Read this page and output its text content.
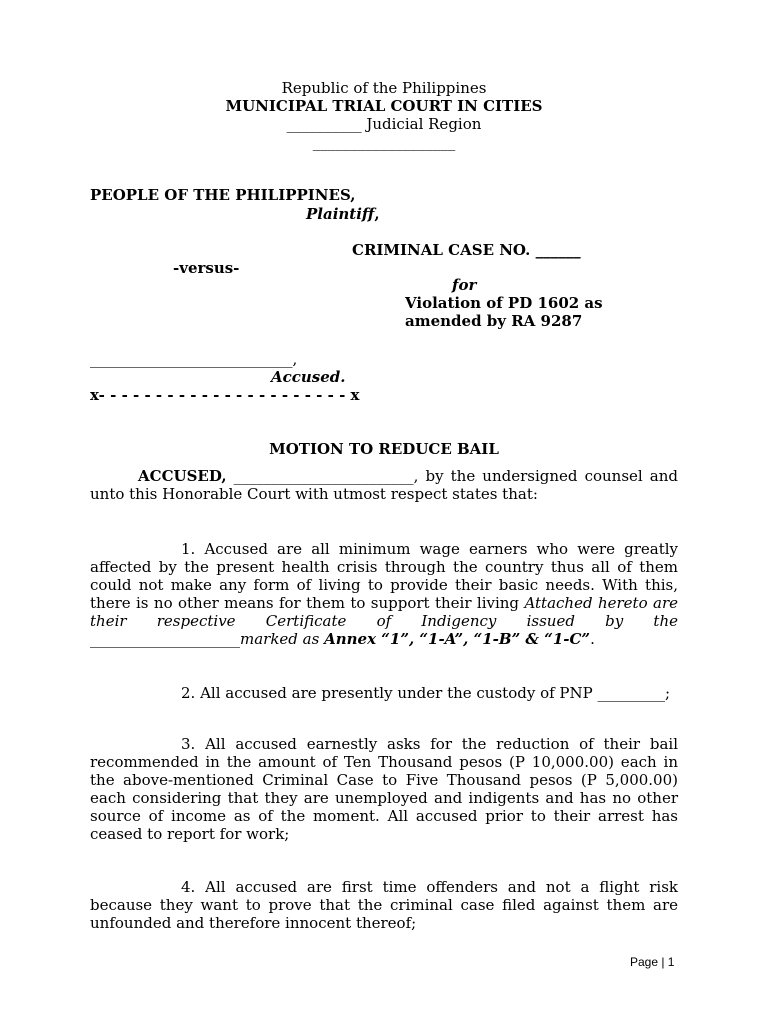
Republic of the Philippines
MUNICIPAL TRIAL COURT IN CITIES
__________ Judicial Region
___________________
PEOPLE OF THE PHILIPPINES,
Plaintiff,
CRIMINAL CASE NO. ______
-versus-
for
Violation of PD 1602 as
amended by RA 9287
___________________________,
Accused.
x- - - - - - - - - - - - - - - - - - - - - - x
MOTION TO REDUCE BAIL
ACCUSED, ________________________, by the undersigned counsel and unto this Honorable Court with utmost respect states that:
1. Accused are all minimum wage earners who were greatly affected by the present health crisis through the country thus all of them could not make any form of living to provide their basic needs. With this, there is no other means for them to support their living Attached hereto are their respective Certificate of Indigency issued by the ____________________marked as Annex “1”, “1-A”, “1-B” & “1-C”.
2. All accused are presently under the custody of PNP _________;
3. All accused earnestly asks for the reduction of their bail recommended in the amount of Ten Thousand pesos (P 10,000.00) each in the above-mentioned Criminal Case to Five Thousand pesos (P 5,000.00) each considering that they are unemployed and indigents and has no other source of income as of the moment. All accused prior to their arrest has ceased to report for work;
4. All accused are first time offenders and not a flight risk because they want to prove that the criminal case filed against them are unfounded and therefore innocent thereof;
Page | 1
